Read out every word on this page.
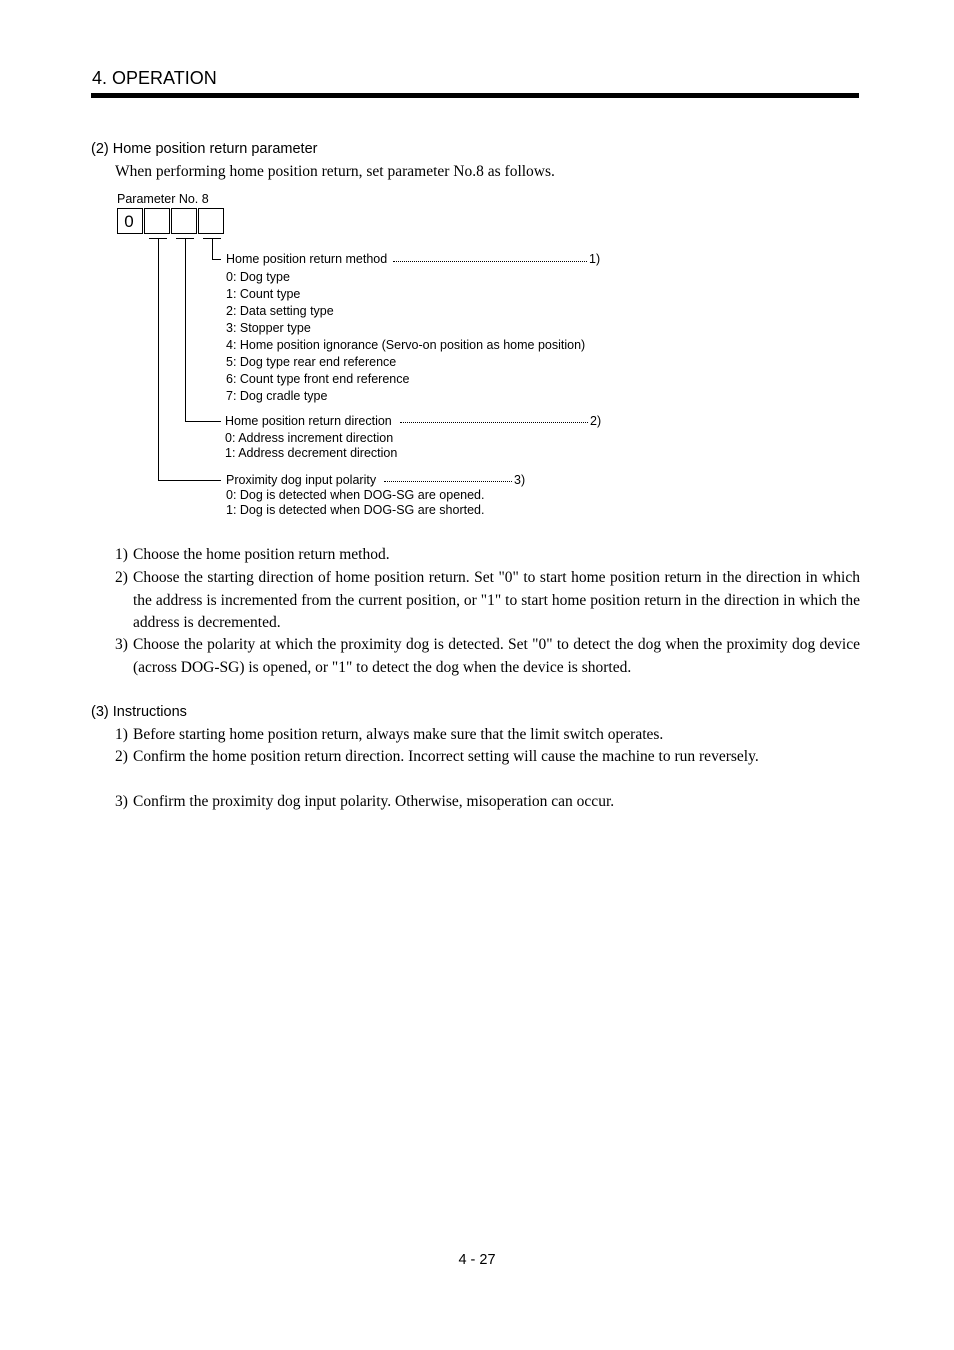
4. OPERATION
(2) Home position return parameter
When performing home position return, set parameter No.8 as follows.
Parameter No. 8
0
Home position return method	1)
0: Dog type
1: Count type
2: Data setting type
3: Stopper type
4: Home position ignorance (Servo-on position as home position)
5: Dog type rear end reference
6: Count type front end reference
7: Dog cradle type
Home position return direction	2)
0: Address increment direction
1: Address decrement direction
Proximity dog input polarity	3)
0: Dog is detected when DOG-SG are opened.
1: Dog is detected when DOG-SG are shorted.
1) Choose the home position return method.
2) Choose the starting direction of home position return. Set "0" to start home position return in the direction in which the address is incremented from the current position, or "1" to start home position return in the direction in which the address is decremented.
3) Choose the polarity at which the proximity dog is detected. Set "0" to detect the dog when the proximity dog device (across DOG-SG) is opened, or "1" to detect the dog when the device is shorted.
(3) Instructions
1) Before starting home position return, always make sure that the limit switch operates.
2) Confirm the home position return direction. Incorrect setting will cause the machine to run reversely.
3) Confirm the proximity dog input polarity. Otherwise, misoperation can occur.
4 - 27
